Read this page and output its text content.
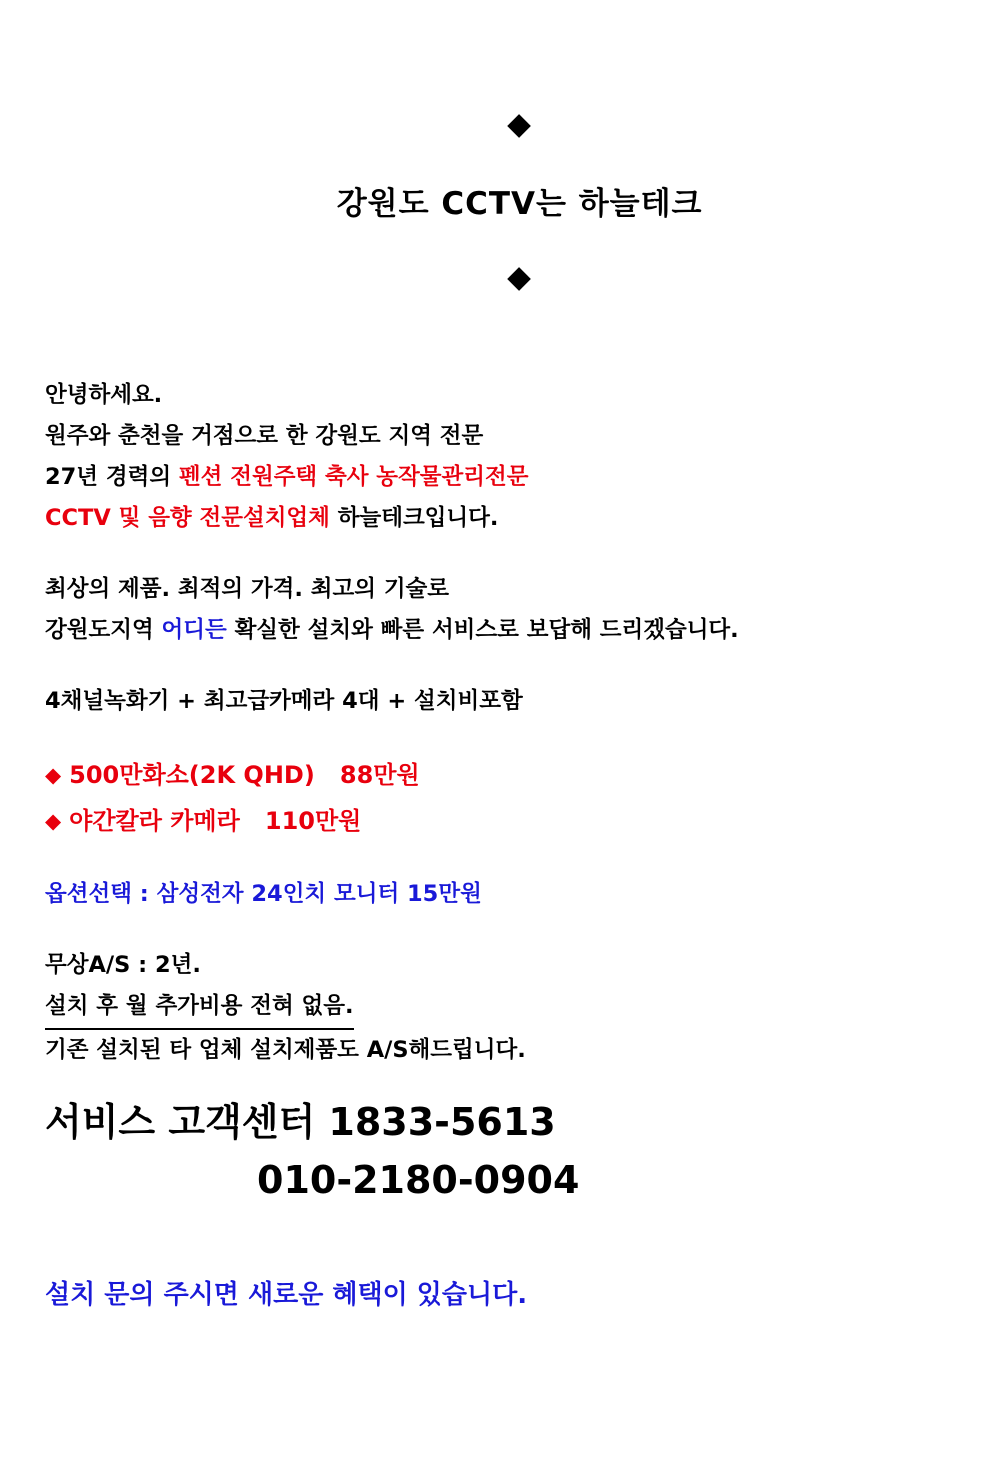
◆

강원도 CCTV는 하늘테크

◆

안녕하세요.
원주와 춘천을 거점으로 한 강원도 지역 전문
27년 경력의 펜션 전원주택 축사 농작물관리전문
CCTV 및 음향 전문설치업체 하늘테크입니다.
최상의 제품. 최적의 가격. 최고의 기술로
강원도지역 어디든 확실한 설치와 빠른 서비스로 보답해 드리겠습니다.
4채널녹화기 + 최고급카메라 4대 + 설치비포함
◆ 500만화소(2K QHD) 88만원
◆ 야간칼라 카메라 110만원
옵션선택 : 삼성전자 24인치 모니터 15만원
무상A/S : 2년.
설치 후 월 추가비용 전혀 없음.
기존 설치된 타 업체 설치제품도 A/S해드립니다.
서비스 고객센터 1833-5613
010-2180-0904
설치 문의 주시면 새로운 혜택이 있습니다.
